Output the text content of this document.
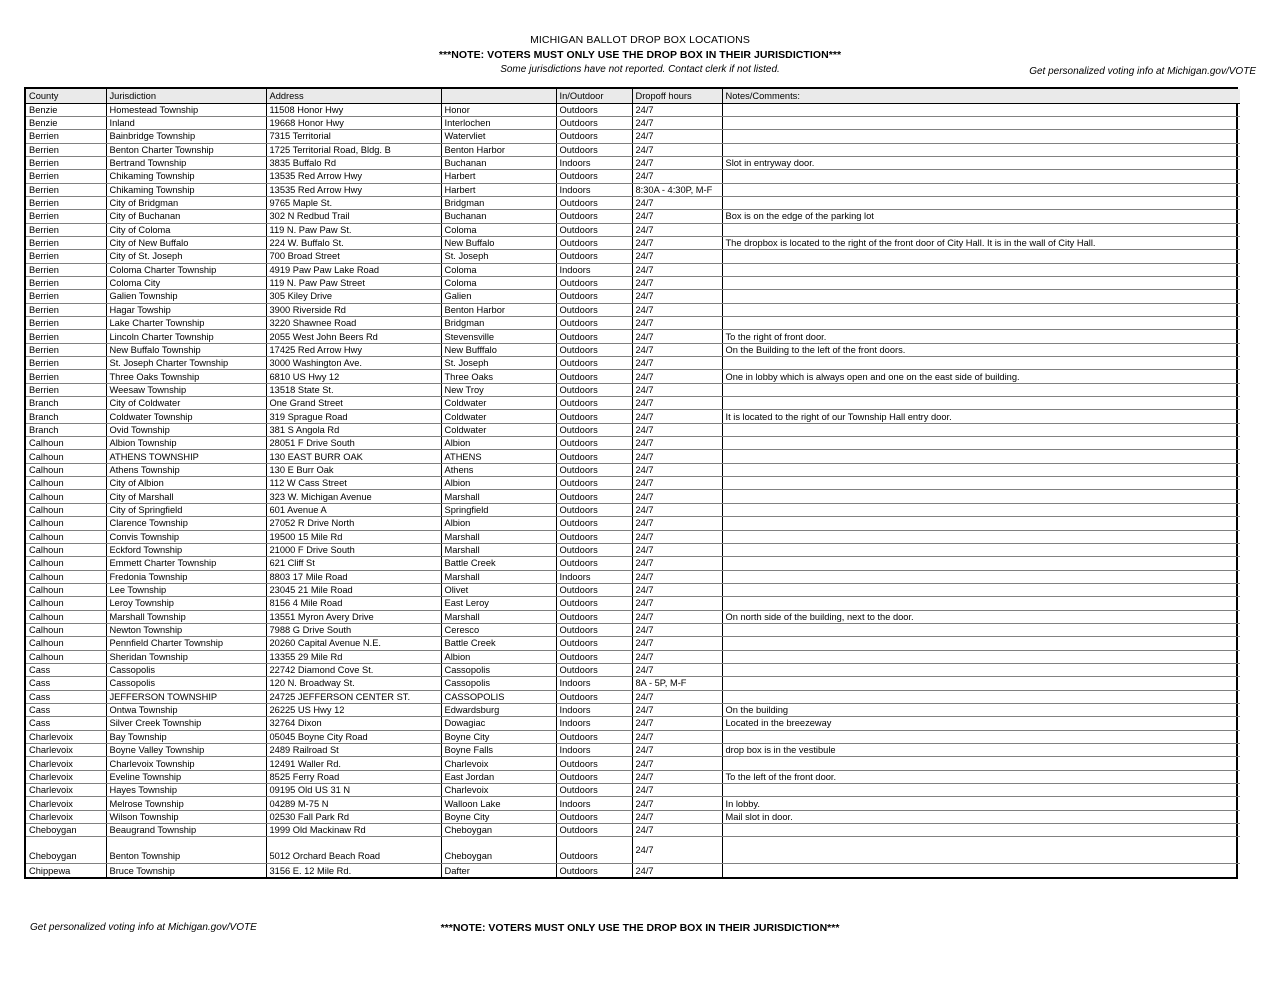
MICHIGAN BALLOT DROP BOX LOCATIONS
***NOTE: VOTERS MUST ONLY USE THE DROP BOX IN THEIR JURISDICTION***
Some jurisdictions have not reported. Contact clerk if not listed.	Get personalized voting info at Michigan.gov/VOTE
County	Jurisdiction	Address		In/Outdoor	Dropoff hours	Notes/Comments:
Benzie	Homestead Township	11508 Honor Hwy	Honor	Outdoors	24/7	
Benzie	Inland	19668 Honor Hwy	Interlochen	Outdoors	24/7	
Berrien	Bainbridge Township	7315 Territorial	Watervliet	Outdoors	24/7	
Berrien	Benton Charter Township	1725 Territorial Road, Bldg. B	Benton Harbor	Outdoors	24/7	
Berrien	Bertrand Township	3835 Buffalo Rd	Buchanan	Indoors	24/7	Slot in entryway door.
Berrien	Chikaming Township	13535 Red Arrow Hwy	Harbert	Outdoors	24/7	
Berrien	Chikaming Township	13535 Red Arrow Hwy	Harbert	Indoors	8:30A - 4:30P, M-F	
Berrien	City of Bridgman	9765 Maple St.	Bridgman	Outdoors	24/7	
Berrien	City of Buchanan	302 N Redbud Trail	Buchanan	Outdoors	24/7	Box is on the edge of the parking lot
Berrien	City of Coloma	119 N. Paw Paw St.	Coloma	Outdoors	24/7	
Berrien	City of New Buffalo	224 W. Buffalo St.	New Buffalo	Outdoors	24/7	The dropbox is located to the right of the front door of City Hall. It is in the wall of City Hall.
Berrien	City of St. Joseph	700 Broad Street	St. Joseph	Outdoors	24/7	
Berrien	Coloma Charter Township	4919 Paw Paw Lake Road	Coloma	Indoors	24/7	
Berrien	Coloma City	119 N. Paw Paw Street	Coloma	Outdoors	24/7	
Berrien	Galien Township	305 Kiley Drive	Galien	Outdoors	24/7	
Berrien	Hagar Towship	3900 Riverside Rd	Benton Harbor	Outdoors	24/7	
Berrien	Lake Charter Township	3220 Shawnee Road	Bridgman	Outdoors	24/7	
Berrien	Lincoln Charter Township	2055 West John Beers Rd	Stevensville	Outdoors	24/7	To the right of front door.
Berrien	New Buffalo Township	17425 Red Arrow Hwy	New Bufffalo	Outdoors	24/7	On the Building to the left of the front doors.
Berrien	St. Joseph Charter Township	3000 Washington Ave.	St. Joseph	Outdoors	24/7	
Berrien	Three Oaks Township	6810 US Hwy 12	Three Oaks	Outdoors	24/7	One in lobby which is always open and one on the east side of building.
Berrien	Weesaw Township	13518 State St.	New Troy	Outdoors	24/7	
Branch	City of Coldwater	One Grand Street	Coldwater	Outdoors	24/7	
Branch	Coldwater Township	319 Sprague Road	Coldwater	Outdoors	24/7	It is located to the right of our Township Hall entry door.
Branch	Ovid Township	381 S Angola Rd	Coldwater	Outdoors	24/7	
Calhoun	Albion Township	28051 F Drive South	Albion	Outdoors	24/7	
Calhoun	ATHENS TOWNSHIP	130 EAST BURR OAK	ATHENS	Outdoors	24/7	
Calhoun	Athens Township	130 E Burr Oak	Athens	Outdoors	24/7	
Calhoun	City of Albion	112 W Cass Street	Albion	Outdoors	24/7	
Calhoun	City of Marshall	323 W. Michigan Avenue	Marshall	Outdoors	24/7	
Calhoun	City of Springfield	601 Avenue A	Springfield	Outdoors	24/7	
Calhoun	Clarence Township	27052 R Drive North	Albion	Outdoors	24/7	
Calhoun	Convis Township	19500 15 Mile Rd	Marshall	Outdoors	24/7	
Calhoun	Eckford Township	21000 F Drive South	Marshall	Outdoors	24/7	
Calhoun	Emmett Charter Township	621 Cliff St	Battle Creek	Outdoors	24/7	
Calhoun	Fredonia Township	8803 17 Mile Road	Marshall	Indoors	24/7	
Calhoun	Lee Township	23045 21 Mile Road	Olivet	Outdoors	24/7	
Calhoun	Leroy Township	8156 4 Mile Road	East Leroy	Outdoors	24/7	
Calhoun	Marshall Township	13551 Myron Avery Drive	Marshall	Outdoors	24/7	On north side of the building, next to the door.
Calhoun	Newton Township	7988 G Drive South	Ceresco	Outdoors	24/7	
Calhoun	Pennfield Charter Township	20260 Capital Avenue N.E.	Battle Creek	Outdoors	24/7	
Calhoun	Sheridan Township	13355 29 Mile Rd	Albion	Outdoors	24/7	
Cass	Cassopolis	22742 Diamond Cove St.	Cassopolis	Outdoors	24/7	
Cass	Cassopolis	120 N. Broadway St.	Cassopolis	Indoors	8A - 5P, M-F	
Cass	JEFFERSON TOWNSHIP	24725 JEFFERSON CENTER ST.	CASSOPOLIS	Outdoors	24/7	
Cass	Ontwa Township	26225 US Hwy 12	Edwardsburg	Indoors	24/7	On the building
Cass	Silver Creek Township	32764 Dixon	Dowagiac	Indoors	24/7	Located in the breezeway
Charlevoix	Bay Township	05045 Boyne City Road	Boyne City	Outdoors	24/7	
Charlevoix	Boyne Valley Township	2489 Railroad St	Boyne Falls	Indoors	24/7	drop box is in the vestibule
Charlevoix	Charlevoix Township	12491 Waller Rd.	Charlevoix	Outdoors	24/7	
Charlevoix	Eveline Township	8525 Ferry Road	East Jordan	Outdoors	24/7	To the left of the front door.
Charlevoix	Hayes Township	09195 Old US 31 N	Charlevoix	Outdoors	24/7	
Charlevoix	Melrose Township	04289 M-75 N	Walloon Lake	Indoors	24/7	In lobby.
Charlevoix	Wilson Township	02530 Fall Park Rd	Boyne City	Outdoors	24/7	Mail slot in door.
Cheboygan	Beaugrand Township	1999 Old Mackinaw Rd	Cheboygan	Outdoors	24/7	
Cheboygan	Benton Township	5012 Orchard Beach Road	Cheboygan	Outdoors	24/7	
Chippewa	Bruce Township	3156 E. 12 Mile Rd.	Dafter	Outdoors	24/7	
Get personalized voting info at Michigan.gov/VOTE	***NOTE: VOTERS MUST ONLY USE THE DROP BOX IN THEIR JURISDICTION***
